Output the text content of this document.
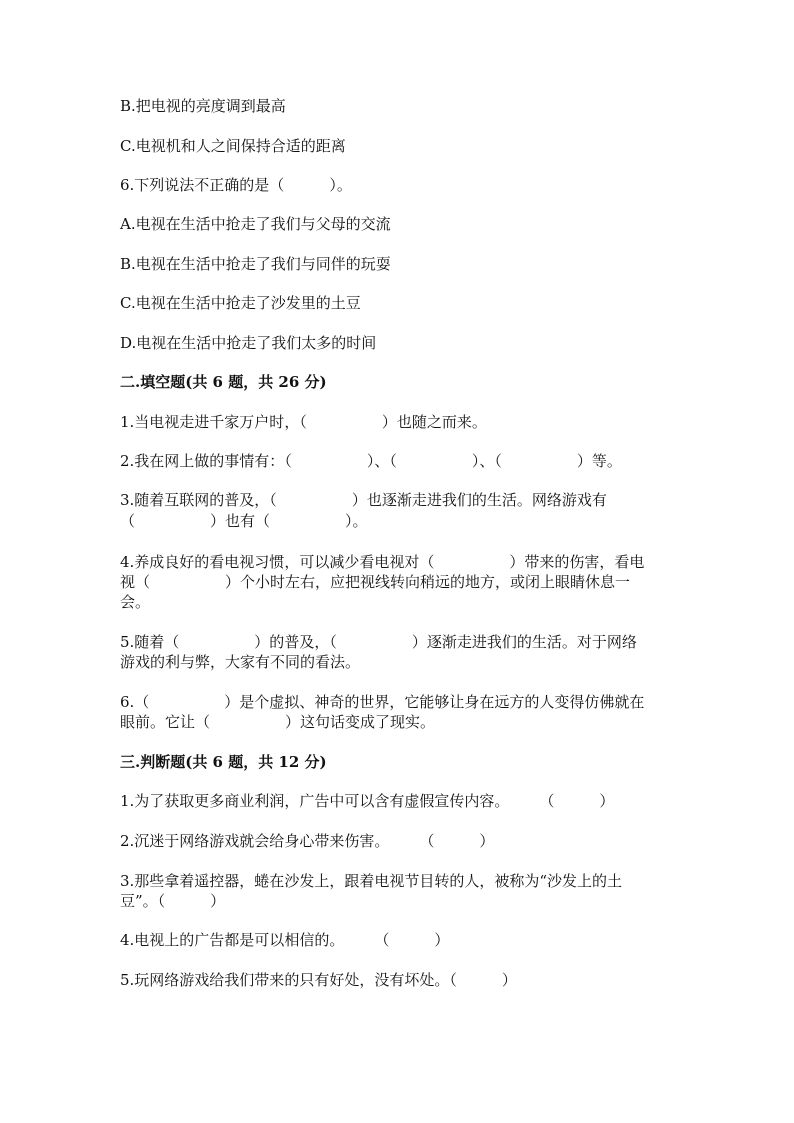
B.把电视的亮度调到最高
C.电视机和人之间保持合适的距离
6.下列说法不正确的是（　　　）。
A.电视在生活中抢走了我们与父母的交流
B.电视在生活中抢走了我们与同伴的玩耍
C.电视在生活中抢走了沙发里的土豆
D.电视在生活中抢走了我们太多的时间
二.填空题(共 6 题，共 26 分)
1.当电视走进千家万户时，（　　　　　）也随之而来。
2.我在网上做的事情有：（　　　　　）、（　　　　　）、（　　　　　）等。
3.随着互联网的普及，（　　　　　）也逐渐走进我们的生活。网络游戏有
（　　　　　）也有（　　　　　）。
4.养成良好的看电视习惯，可以减少看电视对（　　　　　）带来的伤害，看电
视（　　　　　）个小时左右，应把视线转向稍远的地方，或闭上眼睛休息一
会。
5.随着（　　　　　）的普及，（　　　　　）逐渐走进我们的生活。对于网络
游戏的利与弊，大家有不同的看法。
6.（　　　　　）是个虚拟、神奇的世界，它能够让身在远方的人变得仿佛就在
眼前。它让（　　　　　）这句话变成了现实。
三.判断题(共 6 题，共 12 分)
1.为了获取更多商业利润，广告中可以含有虚假宣传内容。　　　（　　　）
2.沉迷于网络游戏就会给身心带来伤害。　　　（　　　）
3.那些拿着遥控器，蜷在沙发上，跟着电视节目转的人，被称为“沙发上的土
豆”。（　　　）
4.电视上的广告都是可以相信的。　　　（　　　）
5.玩网络游戏给我们带来的只有好处，没有坏处。（　　　）
